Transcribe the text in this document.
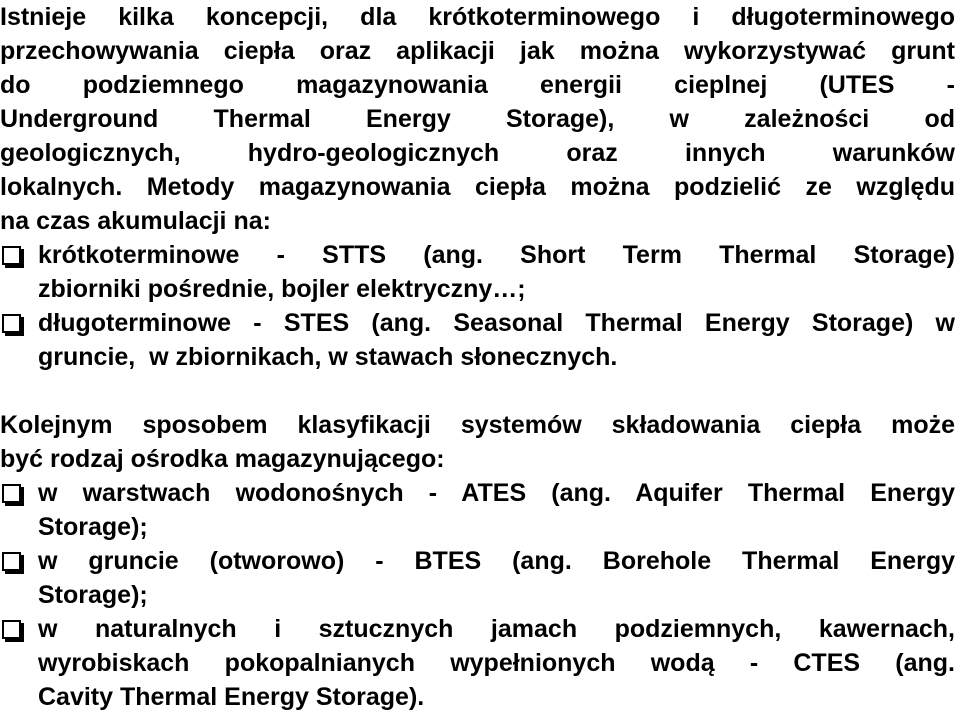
Istnieje kilka koncepcji, dla krótkoterminowego i długoterminowego
przechowywania ciepła oraz aplikacji jak można wykorzystywać grunt
do podziemnego magazynowania energii cieplnej (UTES -
Underground Thermal Energy Storage), w zależności od
geologicznych, hydro-geologicznych oraz innych warunków
lokalnych. Metody magazynowania ciepła można podzielić ze względu
na czas akumulacji na:

krótkoterminowe - STTS (ang. Short Term Thermal Storage)
zbiorniki pośrednie, bojler elektryczny…;
długoterminowe - STES (ang. Seasonal Thermal Energy Storage) w
gruncie,  w zbiornikach, w stawach słonecznych.

Kolejnym sposobem klasyfikacji systemów składowania ciepła może
być rodzaj ośrodka magazynującego:

w warstwach wodonośnych - ATES (ang. Aquifer Thermal Energy
Storage);
w gruncie (otworowo) - BTES (ang. Borehole Thermal Energy
Storage);
w naturalnych i sztucznych jamach podziemnych, kawernach,
wyrobiskach pokopalnianych wypełnionych wodą - CTES (ang.
Cavity Thermal Energy Storage).
